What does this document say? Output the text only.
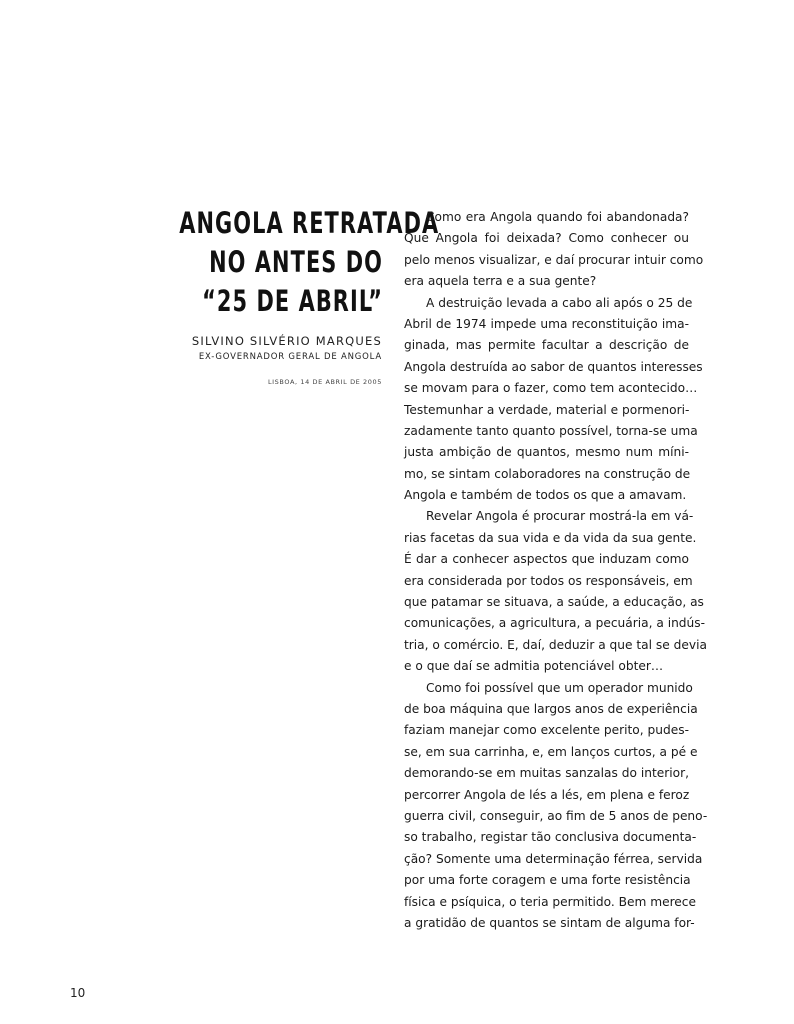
ANGOLA RETRATADA
NO ANTES DO
“25 DE ABRIL”
SILVINO SILVÉRIO MARQUES
EX-GOVERNADOR GERAL DE ANGOLA
LISBOA, 14 DE ABRIL DE 2005
Como era Angola quando foi abandonada?
Que Angola foi deixada? Como conhecer ou
pelo menos visualizar, e daí procurar intuir como
era aquela terra e a sua gente?
A destruição levada a cabo ali após o 25 de
Abril de 1974 impede uma reconstituição ima-
ginada, mas permite facultar a descrição de
Angola destruída ao sabor de quantos interesses
se movam para o fazer, como tem acontecido…
Testemunhar a verdade, material e pormenori-
zadamente tanto quanto possível, torna-se uma
justa ambição de quantos, mesmo num míni-
mo, se sintam colaboradores na construção de
Angola e também de todos os que a amavam.
Revelar Angola é procurar mostrá-la em vá-
rias facetas da sua vida e da vida da sua gente.
É dar a conhecer aspectos que induzam como
era considerada por todos os responsáveis, em
que patamar se situava, a saúde, a educação, as
comunicações, a agricultura, a pecuária, a indús-
tria, o comércio. E, daí, deduzir a que tal se devia
e o que daí se admitia potenciável obter…
Como foi possível que um operador munido
de boa máquina que largos anos de experiência
faziam manejar como excelente perito, pudes-
se, em sua carrinha, e, em lanços curtos, a pé e
demorando-se em muitas sanzalas do interior,
percorrer Angola de lés a lés, em plena e feroz
guerra civil, conseguir, ao fim de 5 anos de peno-
so trabalho, registar tão conclusiva documenta-
ção? Somente uma determinação férrea, servida
por uma forte coragem e uma forte resistência
física e psíquica, o teria permitido. Bem merece
a gratidão de quantos se sintam de alguma for-
10
